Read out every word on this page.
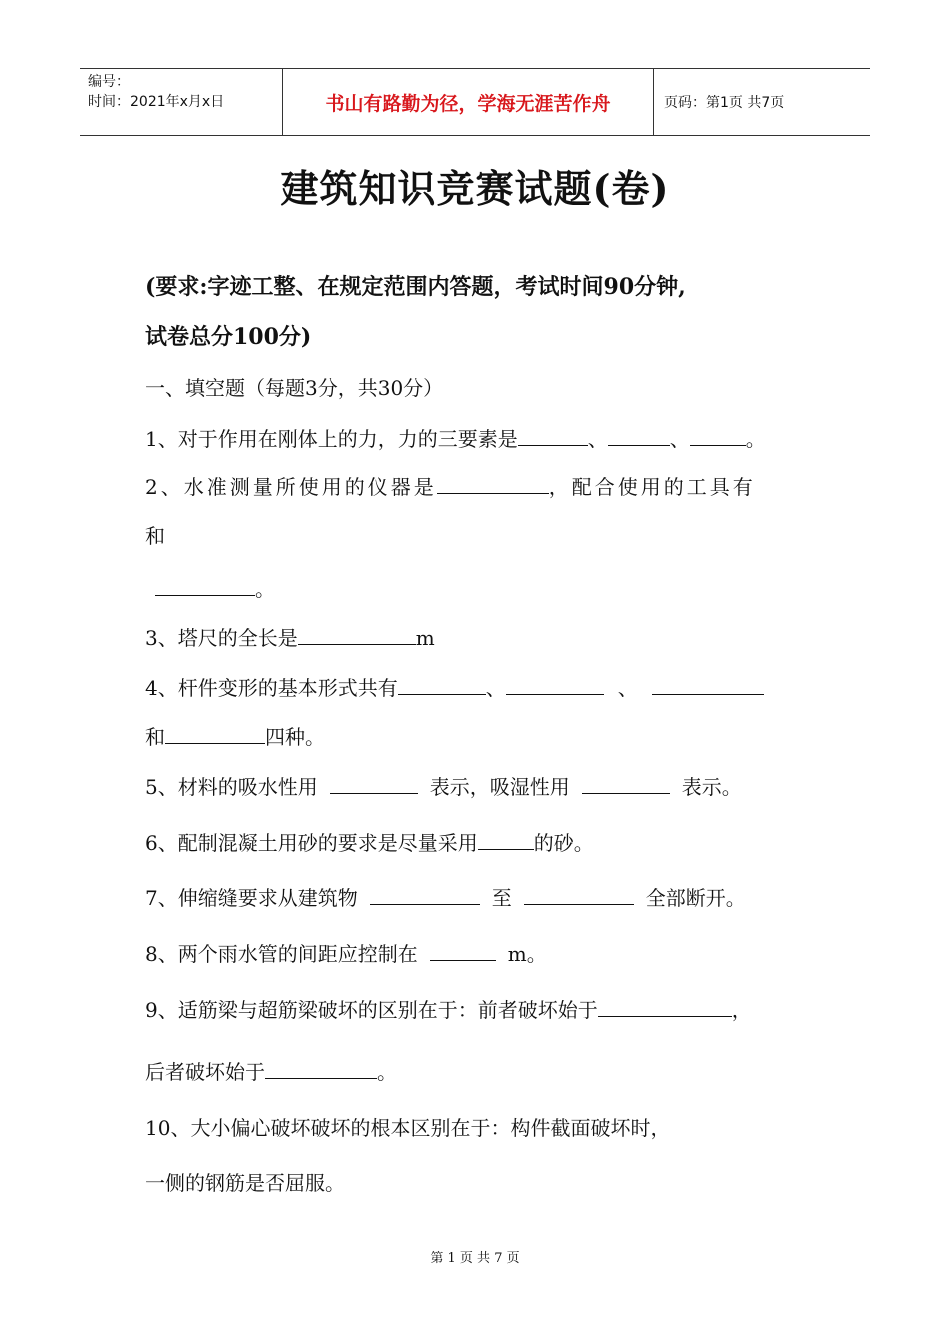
编号：
时间：2021年x月x日	书山有路勤为径，学海无涯苦作舟	页码：第1页 共7页
建筑知识竞赛试题(卷)
(要求:字迹工整、在规定范围内答题，考试时间90分钟,
试卷总分100分)
一、填空题（每题3分，共30分）
1、对于作用在刚体上的力，力的三要素是	、	、	。
2、水准测量所使用的仪器是	，配合使用的工具有
和
。
3、塔尺的全长是	m
4、杆件变形的基本形式共有	、	、
和	四种。
5、材料的吸水性用	表示，吸湿性用	表示。
6、配制混凝土用砂的要求是尽量采用	的砂。
7、伸缩缝要求从建筑物	至	全部断开。
8、两个雨水管的间距应控制在	m。
9、适筋梁与超筋梁破坏的区别在于：前者破坏始于	，
后者破坏始于	。
10、大小偏心破坏破坏的根本区别在于：构件截面破坏时，
一侧的钢筋是否屈服。
第 1 页 共 7 页
